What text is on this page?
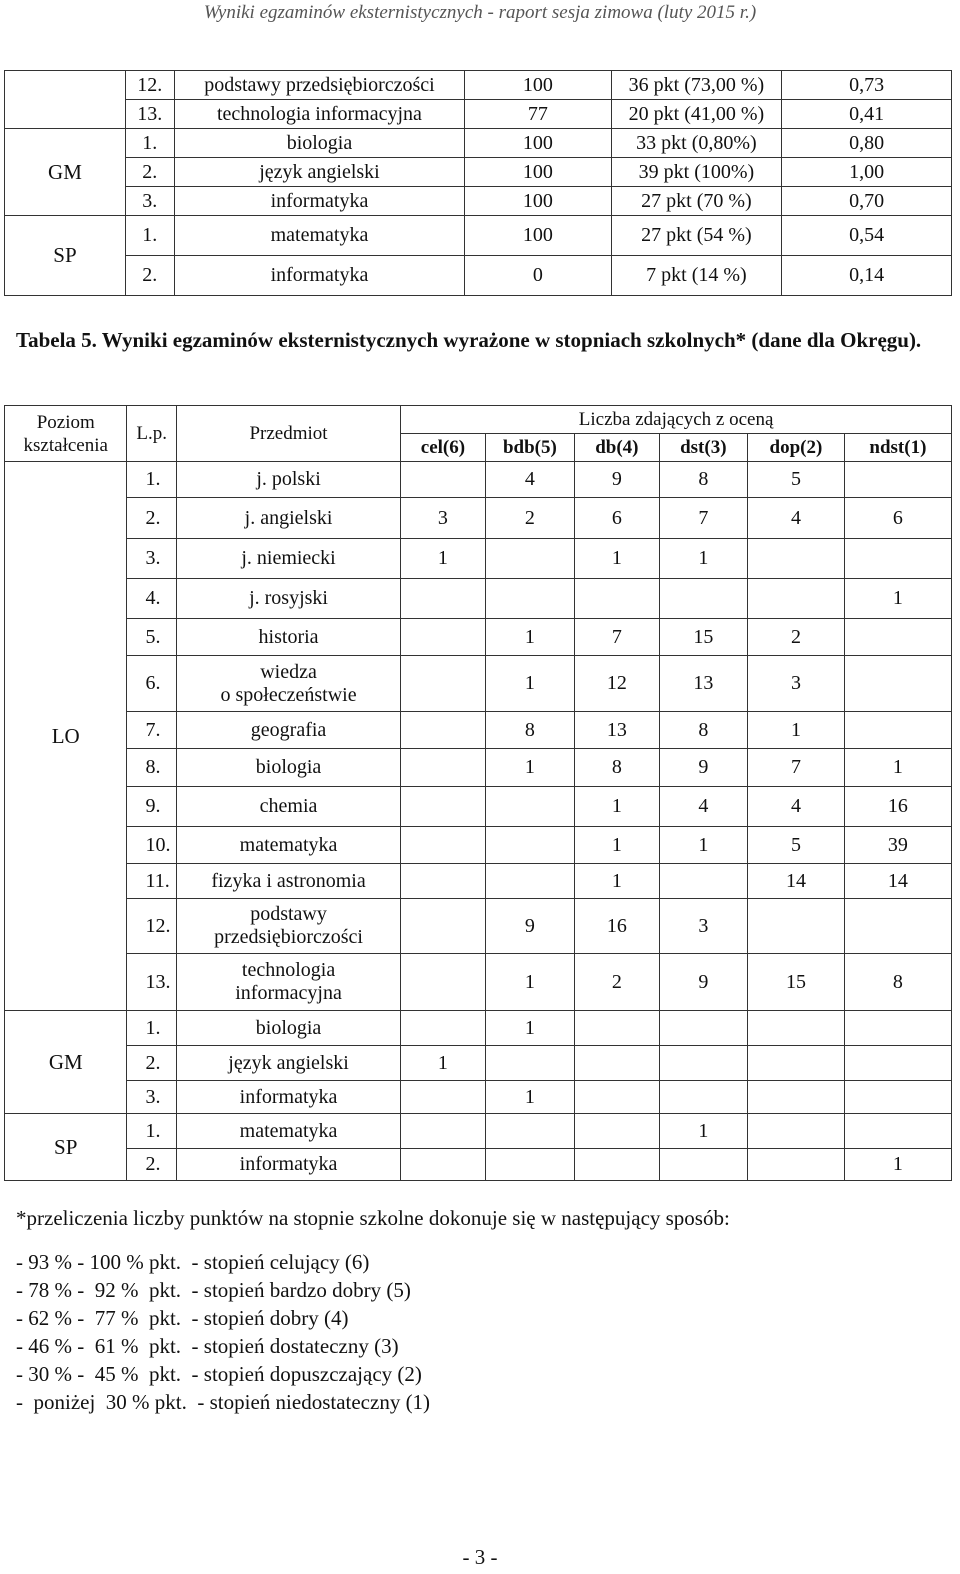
Wyniki egzaminów eksternistycznych - raport sesja zimowa (luty 2015 r.)
	12.	podstawy przedsiębiorczości	100	36 pkt (73,00 %)	0,73
	13.	technologia informacyjna	77	20 pkt (41,00 %)	0,41
GM	1.	biologia	100	33 pkt (0,80%)	0,80
	2.	język angielski	100	39 pkt (100%)	1,00
	3.	informatyka	100	27 pkt (70 %)	0,70
SP	1.	matematyka	100	27 pkt (54 %)	0,54
	2.	informatyka	0	7 pkt (14 %)	0,14
Tabela 5. Wyniki egzaminów eksternistycznych wyrażone w stopniach szkolnych* (dane dla Okręgu).
Poziom kształcenia	L.p.	Przedmiot	Liczba zdających z oceną					
			cel(6)	bdb(5)	db(4)	dst(3)	dop(2)	ndst(1)
LO	1.	j. polski		4	9	8	5	
	2.	j. angielski	3	2	6	7	4	6
	3.	j. niemiecki	1		1	1		
	4.	j. rosyjski						1
	5.	historia		1	7	15	2	
	6.	wiedza
o społeczeństwie		1	12	13	3	
	7.	geografia		8	13	8	1	
	8.	biologia		1	8	9	7	1
	9.	chemia			1	4	4	16
	10.	matematyka			1	1	5	39
	11.	fizyka i astronomia			1		14	14
	12.	podstawy
przedsiębiorczości		9	16	3		
	13.	technologia
informacyjna		1	2	9	15	8
GM	1.	biologia		1				
	2.	język angielski	1					
	3.	informatyka		1				
SP	1.	matematyka				1		
	2.	informatyka						1
*przeliczenia liczby punktów na stopnie szkolne dokonuje się w następujący sposób:
- 93 % - 100 % pkt.  - stopień celujący (6)
- 78 % -  92 %  pkt.  - stopień bardzo dobry (5)
- 62 % -  77 %  pkt.  - stopień dobry (4)
- 46 % -  61 %  pkt.  - stopień dostateczny (3)
- 30 % -  45 %  pkt.  - stopień dopuszczający (2)
-  poniżej  30 % pkt.  - stopień niedostateczny (1)
- 3 -
